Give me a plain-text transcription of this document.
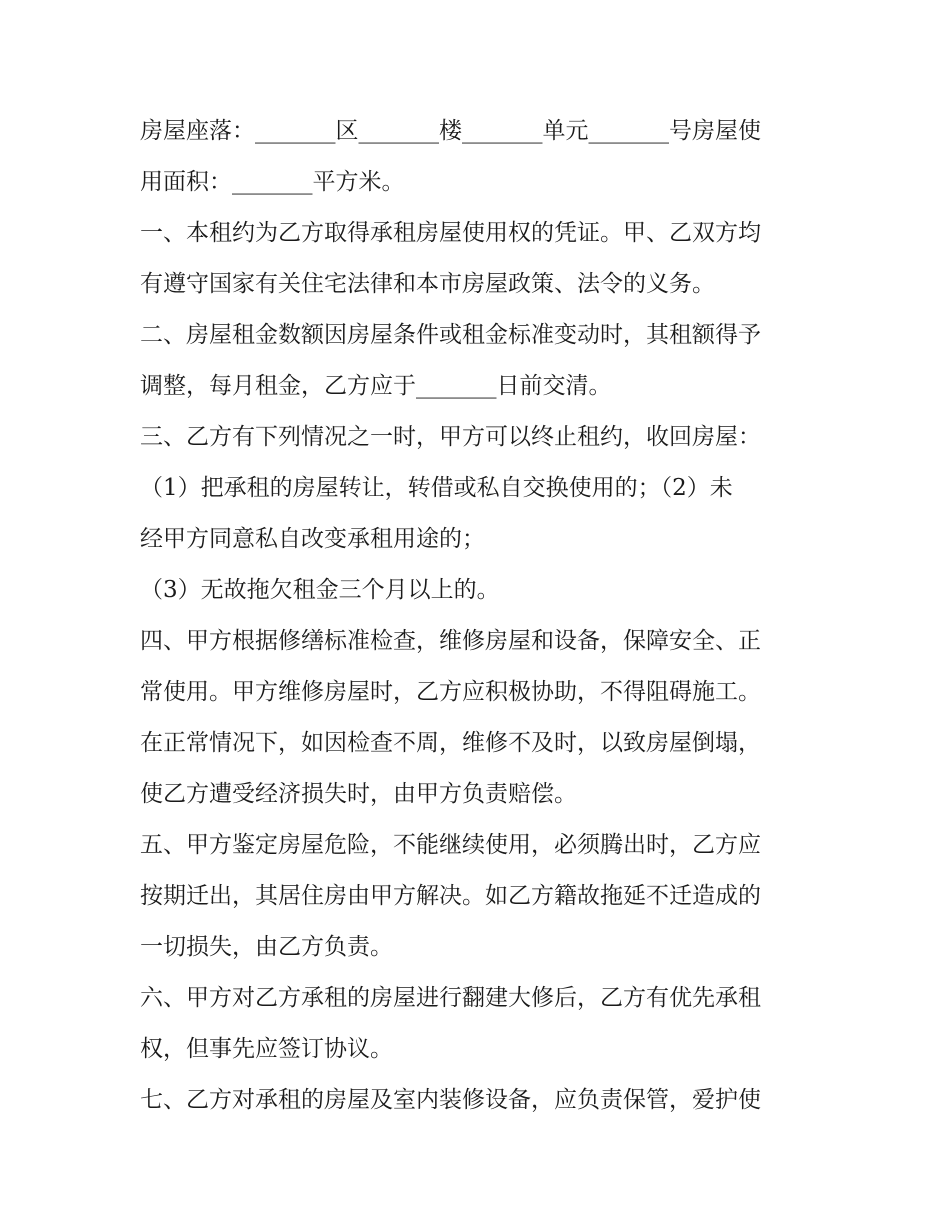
房屋座落：_______区_______楼_______单元_______号房屋使
用面积：_______平方米。
一、本租约为乙方取得承租房屋使用权的凭证。甲、乙双方均
有遵守国家有关住宅法律和本市房屋政策、法令的义务。
二、房屋租金数额因房屋条件或租金标准变动时，其租额得予
调整，每月租金，乙方应于_______日前交清。
三、乙方有下列情况之一时，甲方可以终止租约，收回房屋：
（1）把承租的房屋转让，转借或私自交换使用的；（2）未
经甲方同意私自改变承租用途的；
（3）无故拖欠租金三个月以上的。
四、甲方根据修缮标准检查，维修房屋和设备，保障安全、正
常使用。甲方维修房屋时，乙方应积极协助，不得阻碍施工。
在正常情况下，如因检查不周，维修不及时，以致房屋倒塌，
使乙方遭受经济损失时，由甲方负责赔偿。
五、甲方鉴定房屋危险，不能继续使用，必须腾出时，乙方应
按期迁出，其居住房由甲方解决。如乙方籍故拖延不迁造成的
一切损失，由乙方负责。
六、甲方对乙方承租的房屋进行翻建大修后，乙方有优先承租
权，但事先应签订协议。
七、乙方对承租的房屋及室内装修设备，应负责保管，爱护使
